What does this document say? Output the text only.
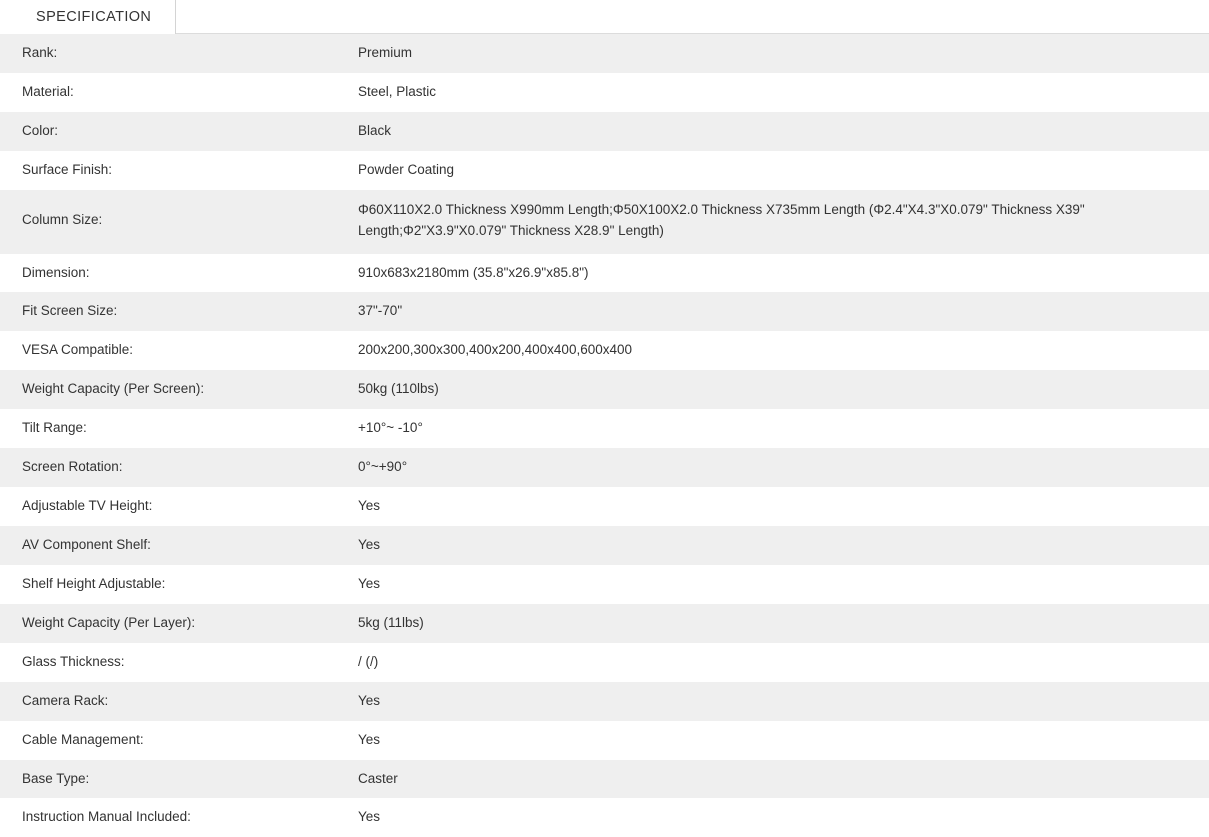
SPECIFICATION
Rank:	Premium
Material:	Steel, Plastic
Color:	Black
Surface Finish:	Powder Coating
Column Size:	Φ60X110X2.0 Thickness X990mm Length;Φ50X100X2.0 Thickness X735mm Length (Φ2.4"X4.3"X0.079" Thickness X39" Length;Φ2"X3.9"X0.079" Thickness X28.9" Length)
Dimension:	910x683x2180mm (35.8"x26.9"x85.8")
Fit Screen Size:	37"-70"
VESA Compatible:	200x200,300x300,400x200,400x400,600x400
Weight Capacity (Per Screen):	50kg (110lbs)
Tilt Range:	+10°~ -10°
Screen Rotation:	0°~+90°
Adjustable TV Height:	Yes
AV Component Shelf:	Yes
Shelf Height Adjustable:	Yes
Weight Capacity (Per Layer):	5kg (11lbs)
Glass Thickness:	/ (/)
Camera Rack:	Yes
Cable Management:	Yes
Base Type:	Caster
Instruction Manual Included:	Yes
